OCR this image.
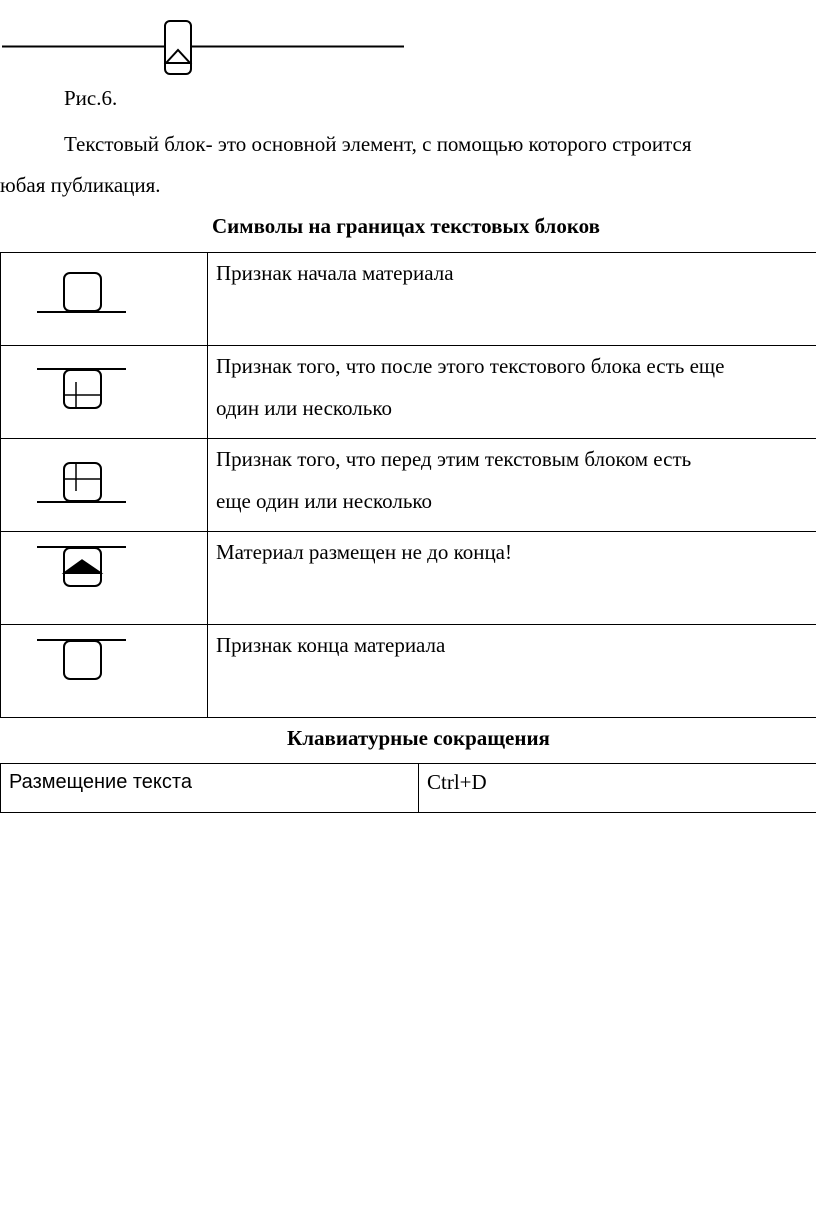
Рис.6.
Текстовый блок- это основной элемент, с помощью которого строится
юбая публикация.
Символы на границах текстовых блоков

Признак начала материала

Признак того, что после этого текстового блока есть еще
один или несколько

Признак того, что перед этим текстовым блоком есть
еще один или несколько

Материал размещен не до конца!

Признак конца материала
Клавиатурные сокращения
Размещение текста	Ctrl+D
